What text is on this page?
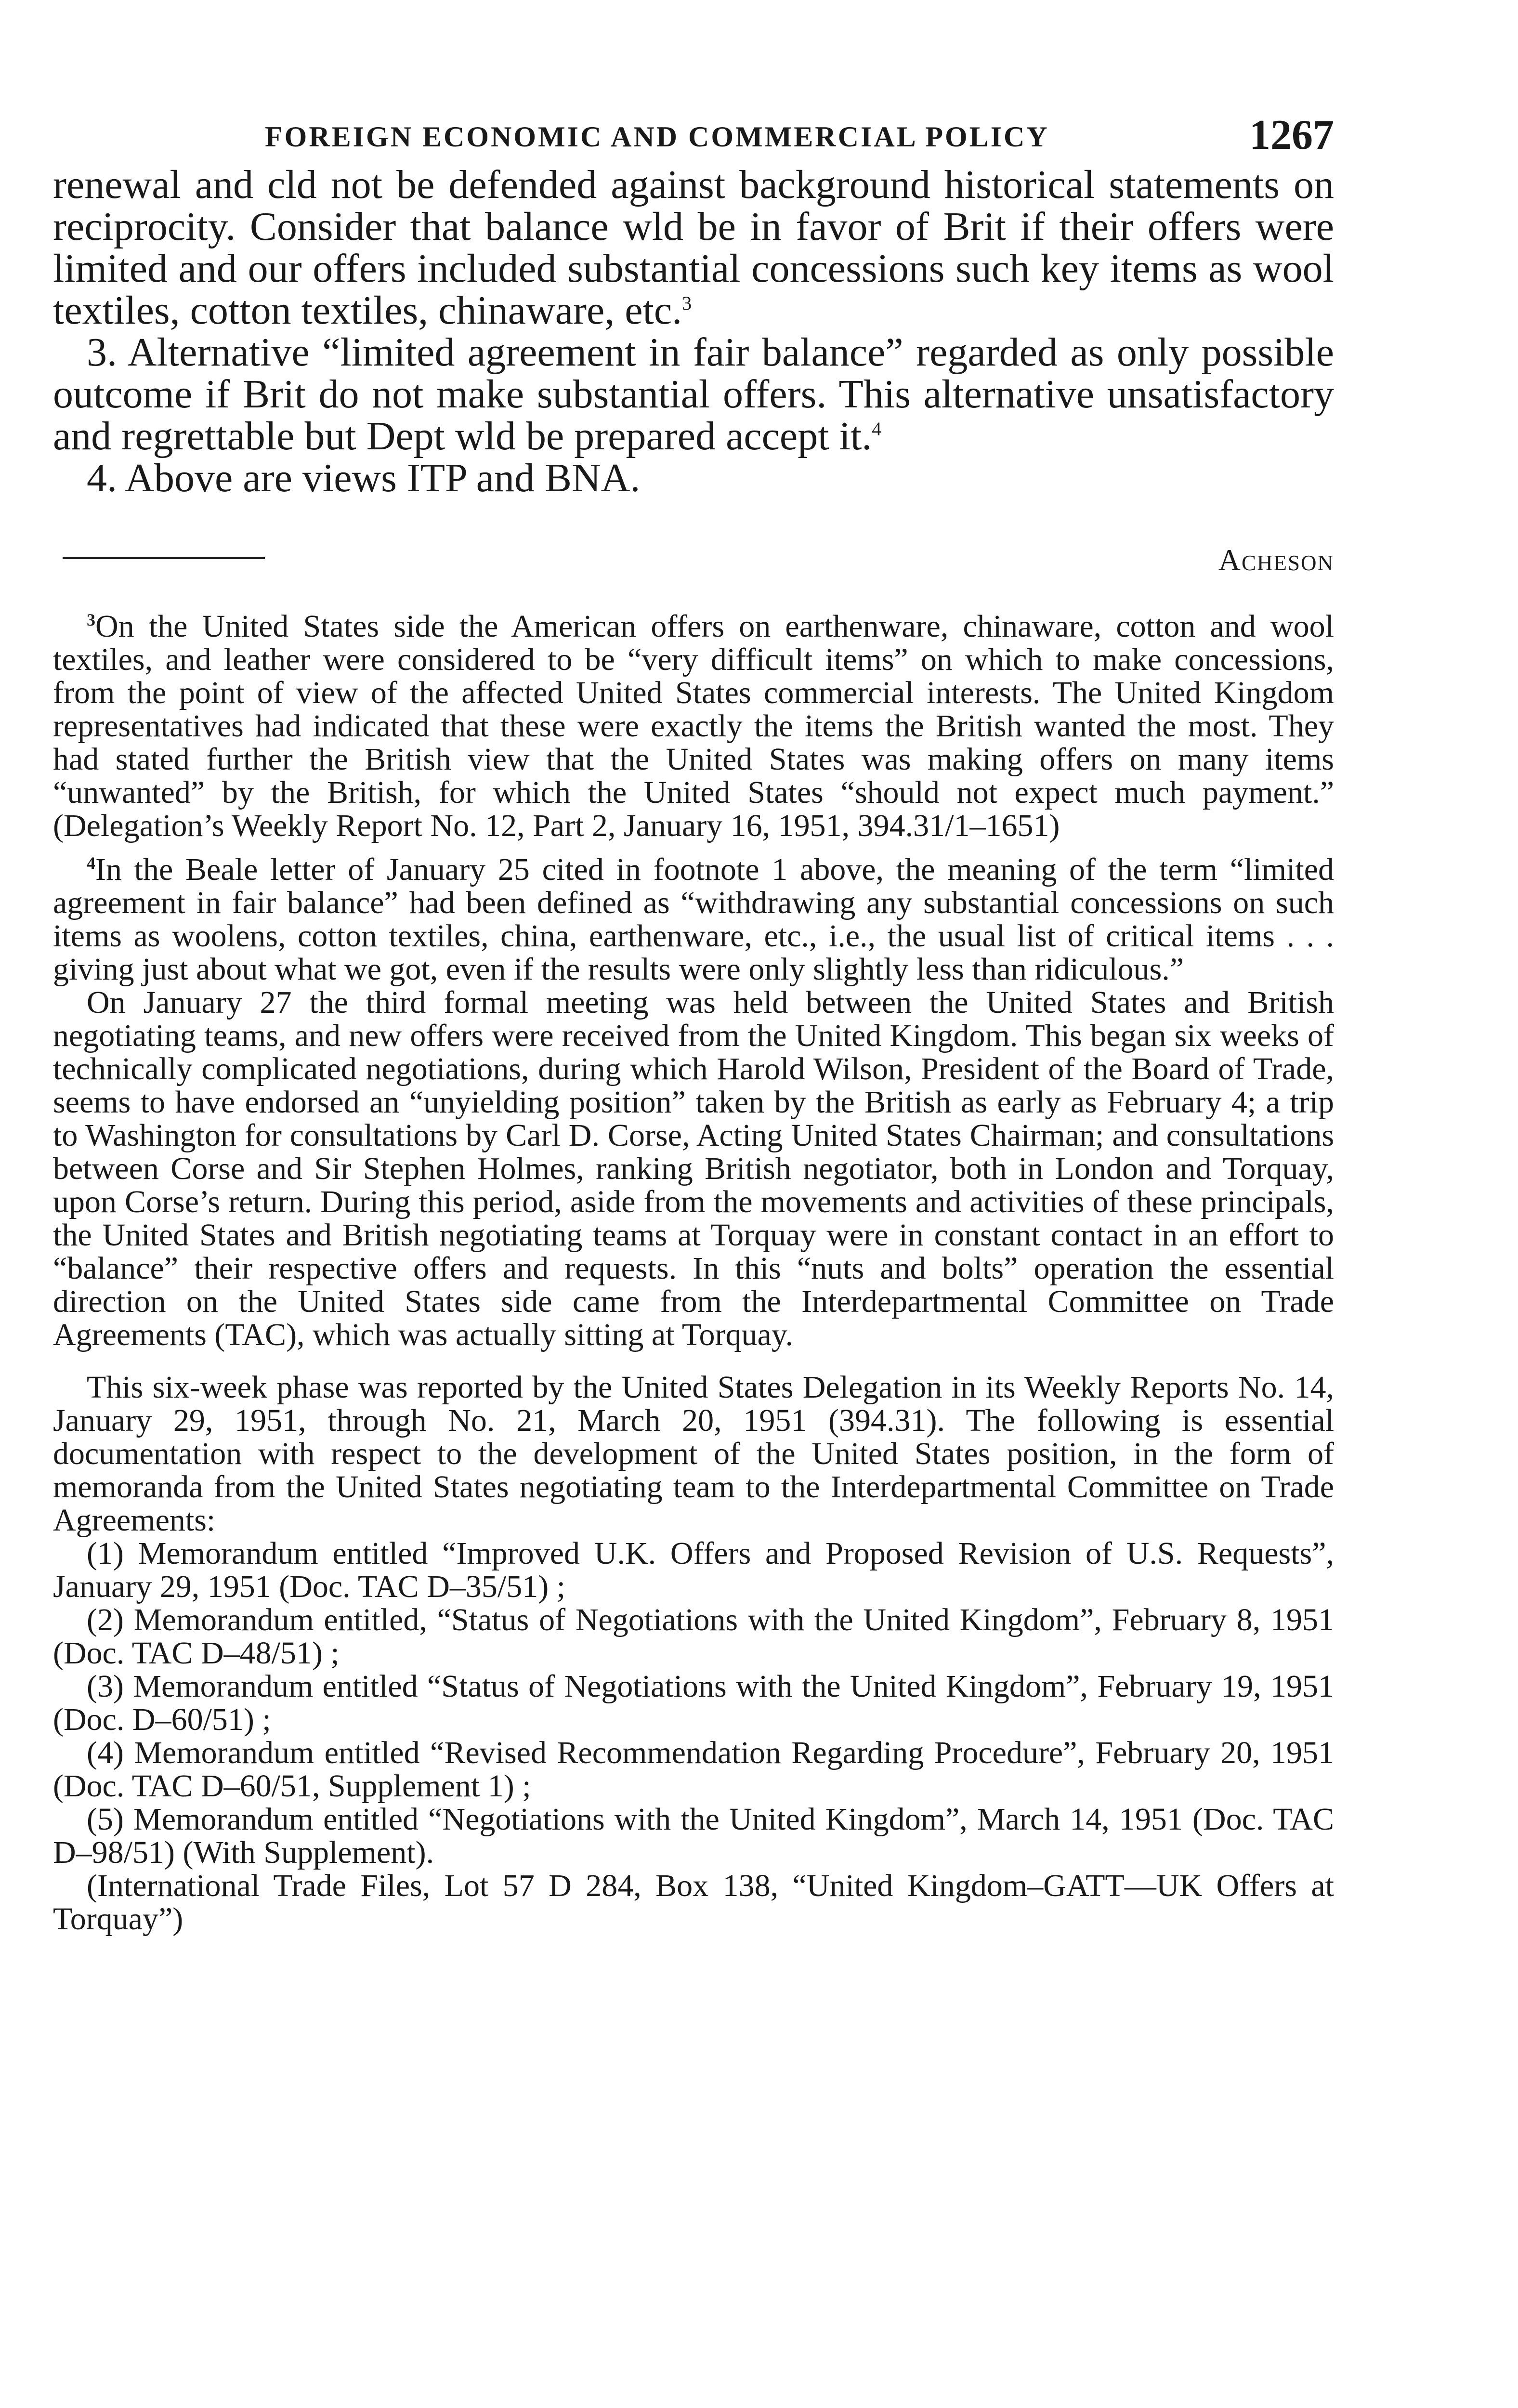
FOREIGN ECONOMIC AND COMMERCIAL POLICY	1267

renewal and cld not be defended against background historical statements on reciprocity. Consider that balance wld be in favor of Brit if their offers were limited and our offers included substantial concessions such key items as wool textiles, cotton textiles, chinaware, etc.$^3$

3. Alternative “limited agreement in fair balance” regarded as only possible outcome if Brit do not make substantial offers. This alternative unsatisfactory and regrettable but Dept wld be prepared accept it.$^4$

4. Above are views ITP and BNA.

Acheson

$^3$On the United States side the American offers on earthenware, chinaware, cotton and wool textiles, and leather were considered to be “very difficult items” on which to make concessions, from the point of view of the affected United States commercial interests. The United Kingdom representatives had indicated that these were exactly the items the British wanted the most. They had stated further the British view that the United States was making offers on many items “unwanted” by the British, for which the United States “should not expect much payment.” (Delegation’s Weekly Report No. 12, Part 2, January 16, 1951, 394.31/1–1651)

$^4$In the Beale letter of January 25 cited in footnote 1 above, the meaning of the term “limited agreement in fair balance” had been defined as “withdrawing any substantial concessions on such items as woolens, cotton textiles, china, earthenware, etc., i.e., the usual list of critical items . . . giving just about what we got, even if the results were only slightly less than ridiculous.”

On January 27 the third formal meeting was held between the United States and British negotiating teams, and new offers were received from the United Kingdom. This began six weeks of technically complicated negotiations, during which Harold Wilson, President of the Board of Trade, seems to have endorsed an “unyielding position” taken by the British as early as February 4; a trip to Washington for consultations by Carl D. Corse, Acting United States Chairman; and consultations between Corse and Sir Stephen Holmes, ranking British negotiator, both in London and Torquay, upon Corse’s return. During this period, aside from the movements and activities of these principals, the United States and British negotiating teams at Torquay were in constant contact in an effort to “balance” their respective offers and requests. In this “nuts and bolts” operation the essential direction on the United States side came from the Interdepartmental Committee on Trade Agreements (TAC), which was actually sitting at Torquay.

This six-week phase was reported by the United States Delegation in its Weekly Reports No. 14, January 29, 1951, through No. 21, March 20, 1951 (394.31). The following is essential documentation with respect to the development of the United States position, in the form of memoranda from the United States negotiating team to the Interdepartmental Committee on Trade Agreements:

(1) Memorandum entitled “Improved U.K. Offers and Proposed Revision of U.S. Requests”, January 29, 1951 (Doc. TAC D–35/51) ;

(2) Memorandum entitled, “Status of Negotiations with the United Kingdom”, February 8, 1951 (Doc. TAC D–48/51) ;

(3) Memorandum entitled “Status of Negotiations with the United Kingdom”, February 19, 1951 (Doc. D–60/51) ;

(4) Memorandum entitled “Revised Recommendation Regarding Procedure”, February 20, 1951 (Doc. TAC D–60/51, Supplement 1) ;

(5) Memorandum entitled “Negotiations with the United Kingdom”, March 14, 1951 (Doc. TAC D–98/51) (With Supplement).

(International Trade Files, Lot 57 D 284, Box 138, “United Kingdom–GATT—UK Offers at Torquay”)
